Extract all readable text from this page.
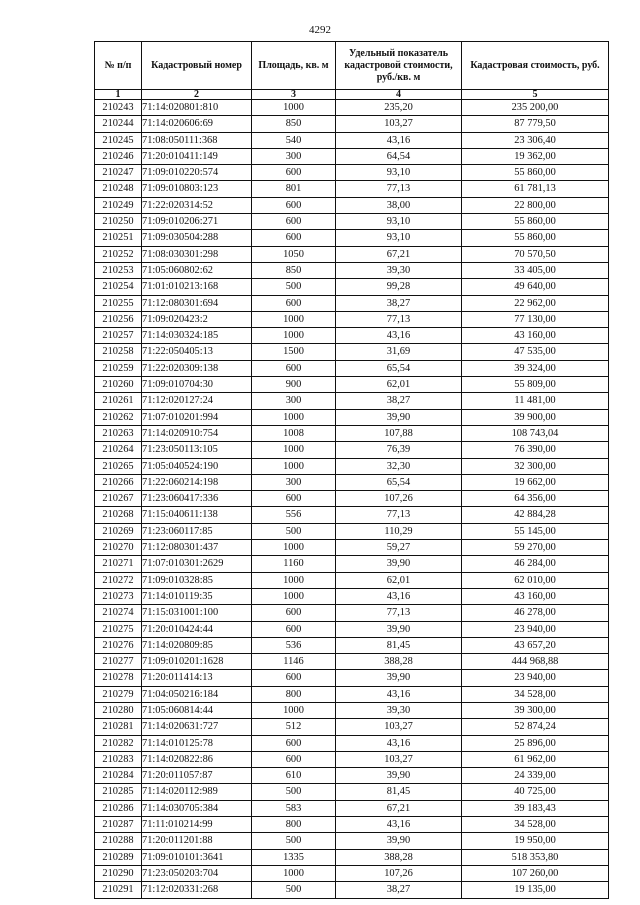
4292
№ п/п	Кадастровый номер	Площадь, кв. м	Удельный показатель кадастровой стоимости, руб./кв. м	Кадастровая стоимость, руб.
1	2	3	4	5
210243	71:14:020801:810	1000	235,20	235 200,00
210244	71:14:020606:69	850	103,27	87 779,50
210245	71:08:050111:368	540	43,16	23 306,40
210246	71:20:010411:149	300	64,54	19 362,00
210247	71:09:010220:574	600	93,10	55 860,00
210248	71:09:010803:123	801	77,13	61 781,13
210249	71:22:020314:52	600	38,00	22 800,00
210250	71:09:010206:271	600	93,10	55 860,00
210251	71:09:030504:288	600	93,10	55 860,00
210252	71:08:030301:298	1050	67,21	70 570,50
210253	71:05:060802:62	850	39,30	33 405,00
210254	71:01:010213:168	500	99,28	49 640,00
210255	71:12:080301:694	600	38,27	22 962,00
210256	71:09:020423:2	1000	77,13	77 130,00
210257	71:14:030324:185	1000	43,16	43 160,00
210258	71:22:050405:13	1500	31,69	47 535,00
210259	71:22:020309:138	600	65,54	39 324,00
210260	71:09:010704:30	900	62,01	55 809,00
210261	71:12:020127:24	300	38,27	11 481,00
210262	71:07:010201:994	1000	39,90	39 900,00
210263	71:14:020910:754	1008	107,88	108 743,04
210264	71:23:050113:105	1000	76,39	76 390,00
210265	71:05:040524:190	1000	32,30	32 300,00
210266	71:22:060214:198	300	65,54	19 662,00
210267	71:23:060417:336	600	107,26	64 356,00
210268	71:15:040611:138	556	77,13	42 884,28
210269	71:23:060117:85	500	110,29	55 145,00
210270	71:12:080301:437	1000	59,27	59 270,00
210271	71:07:010301:2629	1160	39,90	46 284,00
210272	71:09:010328:85	1000	62,01	62 010,00
210273	71:14:010119:35	1000	43,16	43 160,00
210274	71:15:031001:100	600	77,13	46 278,00
210275	71:20:010424:44	600	39,90	23 940,00
210276	71:14:020809:85	536	81,45	43 657,20
210277	71:09:010201:1628	1146	388,28	444 968,88
210278	71:20:011414:13	600	39,90	23 940,00
210279	71:04:050216:184	800	43,16	34 528,00
210280	71:05:060814:44	1000	39,30	39 300,00
210281	71:14:020631:727	512	103,27	52 874,24
210282	71:14:010125:78	600	43,16	25 896,00
210283	71:14:020822:86	600	103,27	61 962,00
210284	71:20:011057:87	610	39,90	24 339,00
210285	71:14:020112:989	500	81,45	40 725,00
210286	71:14:030705:384	583	67,21	39 183,43
210287	71:11:010214:99	800	43,16	34 528,00
210288	71:20:011201:88	500	39,90	19 950,00
210289	71:09:010101:3641	1335	388,28	518 353,80
210290	71:23:050203:704	1000	107,26	107 260,00
210291	71:12:020331:268	500	38,27	19 135,00
